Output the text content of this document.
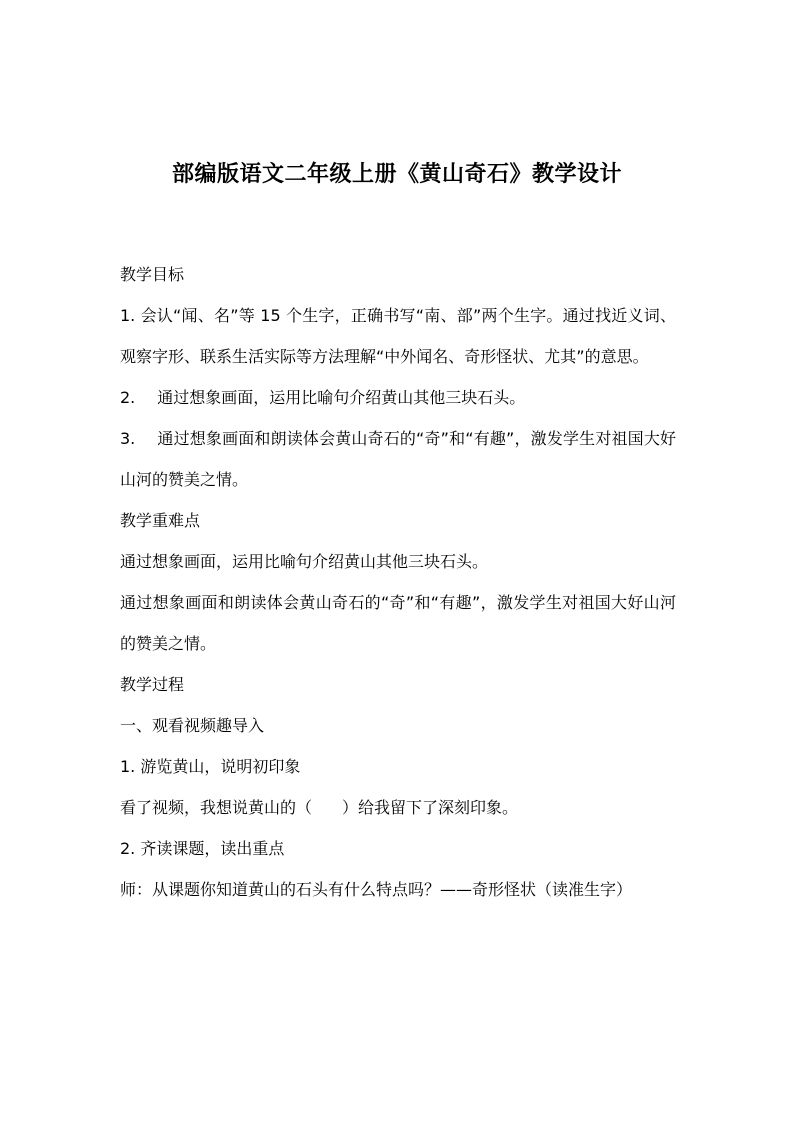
部编版语文二年级上册《黄山奇石》教学设计

教学目标

1. 会认“闻、名”等 15 个生字，正确书写“南、部”两个生字。通过找近义词、观察字形、联系生活实际等方法理解“中外闻名、奇形怪状、尤其”的意思。

2. 通过想象画面，运用比喻句介绍黄山其他三块石头。

3. 通过想象画面和朗读体会黄山奇石的“奇”和“有趣”，激发学生对祖国大好山河的赞美之情。

教学重难点

通过想象画面，运用比喻句介绍黄山其他三块石头。

通过想象画面和朗读体会黄山奇石的“奇”和“有趣”，激发学生对祖国大好山河的赞美之情。

教学过程

一、观看视频趣导入

1. 游览黄山，说明初印象

看了视频，我想说黄山的（ ）给我留下了深刻印象。

2. 齐读课题，读出重点

师：从课题你知道黄山的石头有什么特点吗？——奇形怪状（读准生字）
